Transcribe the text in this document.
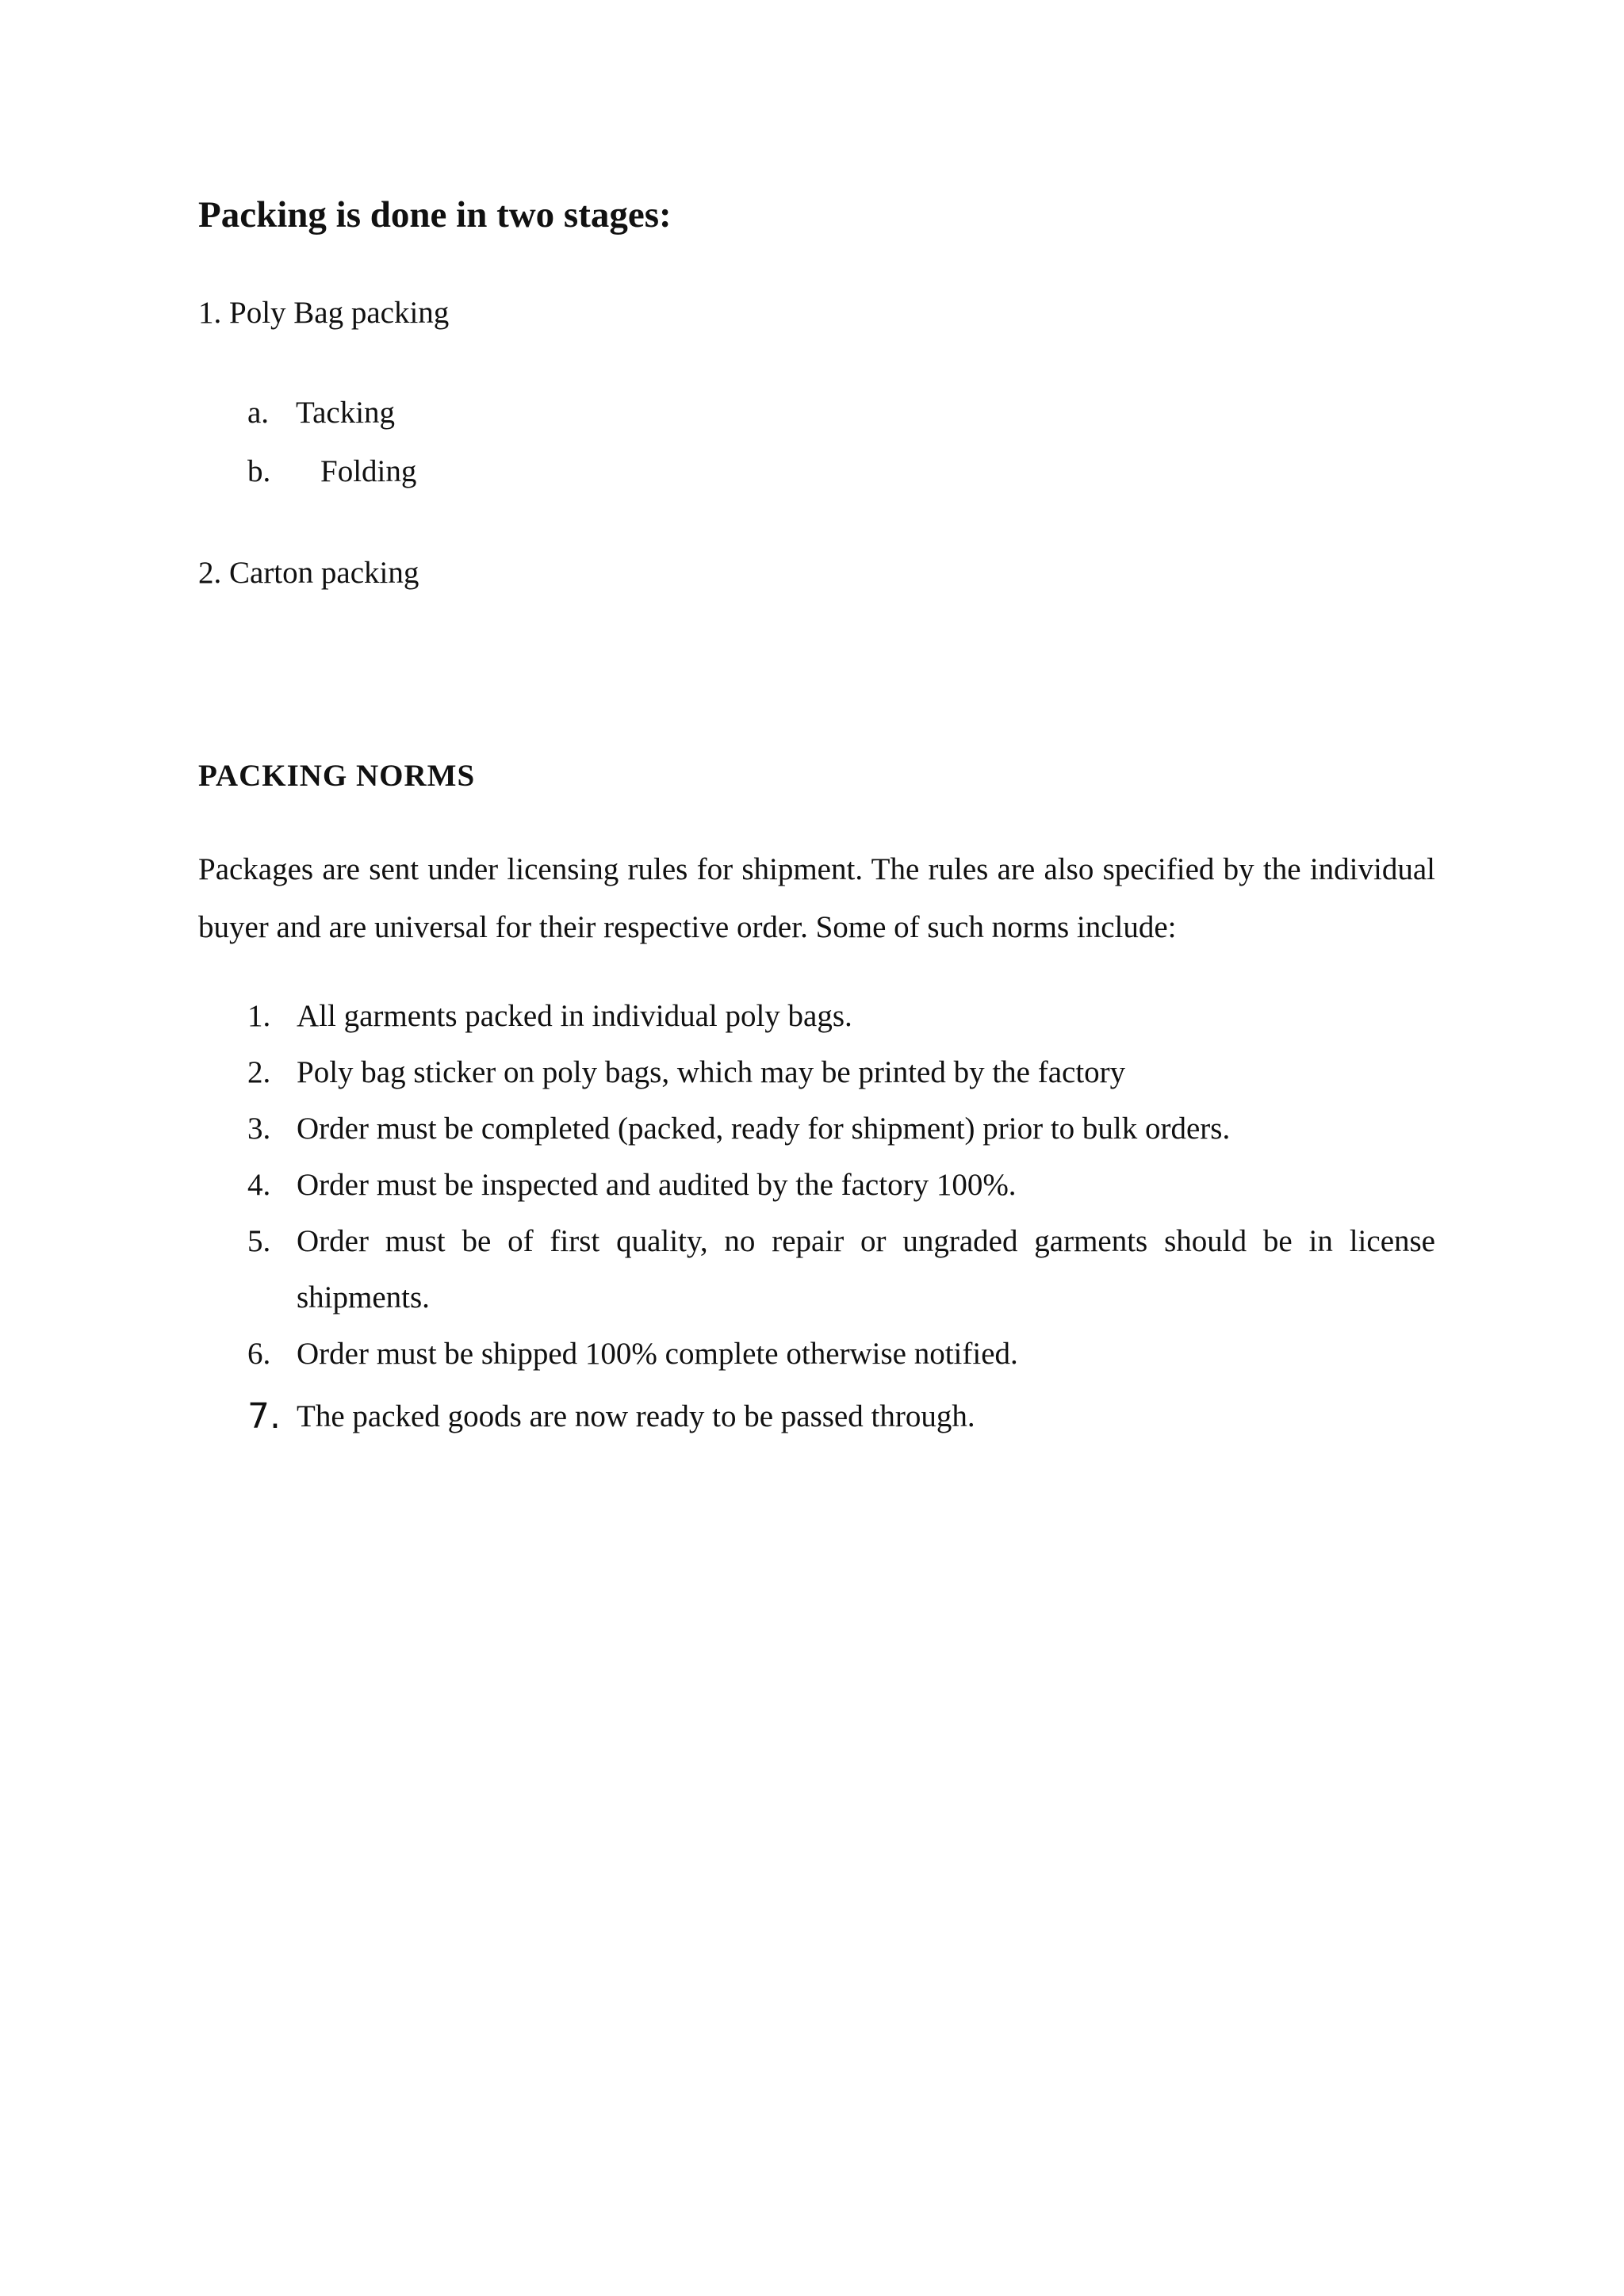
Packing is done in two stages:

1. Poly Bag packing

a. Tacking
b. Folding

2. Carton packing

PACKING NORMS

Packages are sent under licensing rules for shipment. The rules are also specified by the individual buyer and are universal for their respective order. Some of such norms include:

1. All garments packed in individual poly bags.
2. Poly bag sticker on poly bags, which may be printed by the factory
3. Order must be completed (packed, ready for shipment) prior to bulk orders.
4. Order must be inspected and audited by the factory 100%.
5. Order must be of first quality, no repair or ungraded garments should be in license shipments.
6. Order must be shipped 100% complete otherwise notified.
7. The packed goods are now ready to be passed through.
